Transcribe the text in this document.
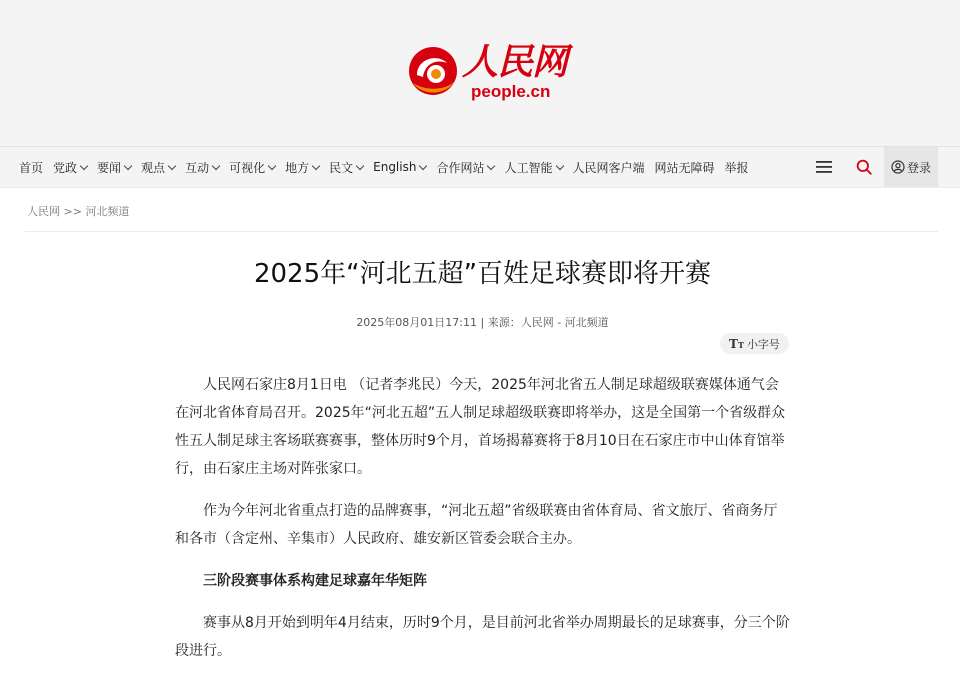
人民网
people.cn
首页 党政 要闻 观点 互动 可视化 地方 民文 English 合作网站 人工智能 人民网客户端 网站无障碍 举报	登录
人民网 >> 河北频道
2025年“河北五超”百姓足球赛即将开赛
2025年08月01日17:11 | 来源：人民网 - 河北频道
TT 小字号

人民网石家庄8月1日电 （记者李兆民）今天，2025年河北省五人制足球超级联赛媒体通气会在河北省体育局召开。2025年“河北五超”五人制足球超级联赛即将举办，这是全国第一个省级群众性五人制足球主客场联赛赛事，整体历时9个月，首场揭幕赛将于8月10日在石家庄市中山体育馆举行，由石家庄主场对阵张家口。

作为今年河北省重点打造的品牌赛事，“河北五超”省级联赛由省体育局、省文旅厅、省商务厅和各市（含定州、辛集市）人民政府、雄安新区管委会联合主办。

三阶段赛事体系构建足球嘉年华矩阵

赛事从8月开始到明年4月结束，历时9个月，是目前河北省举办周期最长的足球赛事，分三个阶段进行。
